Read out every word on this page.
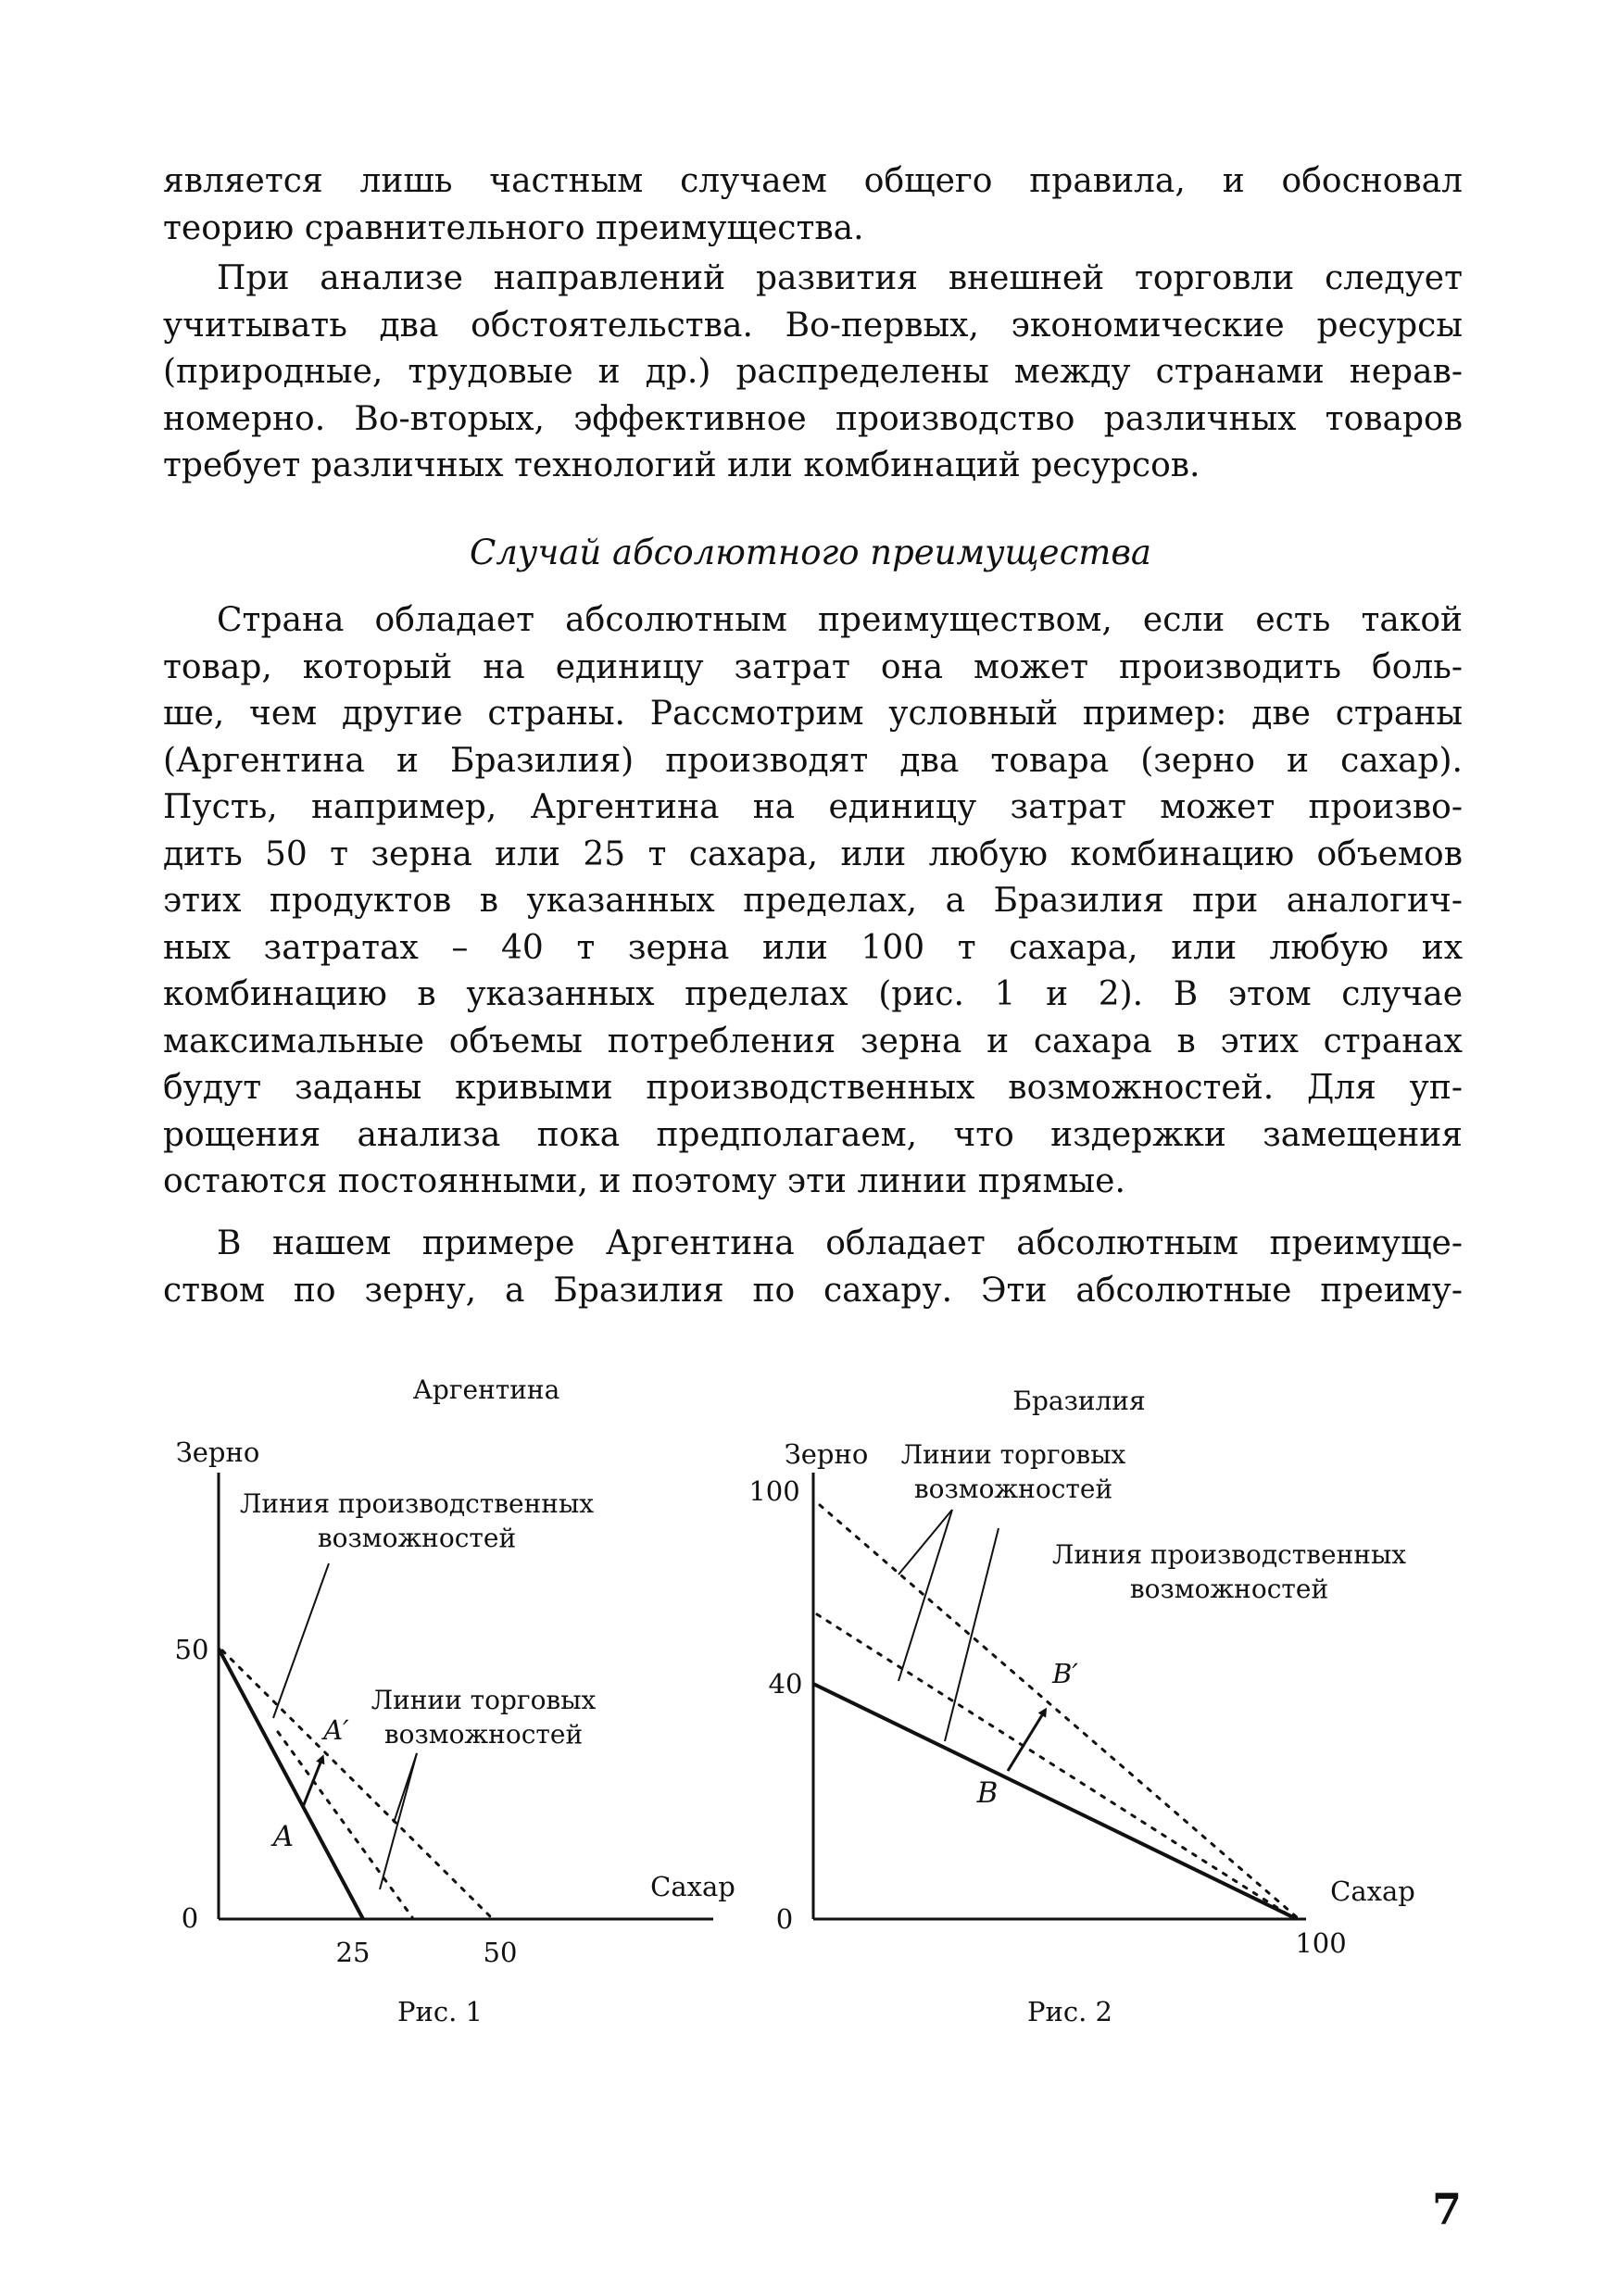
является лишь частным случаем общего правила, и обосновал
теорию сравнительного преимущества.
При анализе направлений развития внешней торговли следует
учитывать два обстоятельства. Во-первых, экономические ресурсы
(природные, трудовые и др.) распределены между странами нерав-
номерно. Во-вторых, эффективное производство различных товаров
требует различных технологий или комбинаций ресурсов.

Случай абсолютного преимущества

Страна обладает абсолютным преимуществом, если есть такой
товар, который на единицу затрат она может производить боль-
ше, чем другие страны. Рассмотрим условный пример: две страны
(Аргентина и Бразилия) производят два товара (зерно и сахар).
Пусть, например, Аргентина на единицу затрат может произво-
дить 50 т зерна или 25 т сахара, или любую комбинацию объемов
этих продуктов в указанных пределах, а Бразилия при аналогич-
ных затратах – 40 т зерна или 100 т сахара, или любую их
комбинацию в указанных пределах (рис. 1 и 2). В этом случае
максимальные объемы потребления зерна и сахара в этих странах
будут заданы кривыми производственных возможностей. Для уп-
рощения анализа пока предполагаем, что издержки замещения
остаются постоянными, и поэтому эти линии прямые.
В нашем примере Аргентина обладает абсолютным преимуще-
ством по зерну, а Бразилия по сахару. Эти абсолютные преиму-
Аргентина
Зерно
0
50
25	50
Сахар
A
A′
Линия производственных
возможностей
Линии торговых
возможностей
Бразилия
Зерно
0
100
40
100
Сахар
B
B′
Линии торговых
возможностей
Линия производственных
возможностей
Рис. 1	Рис. 2

7
